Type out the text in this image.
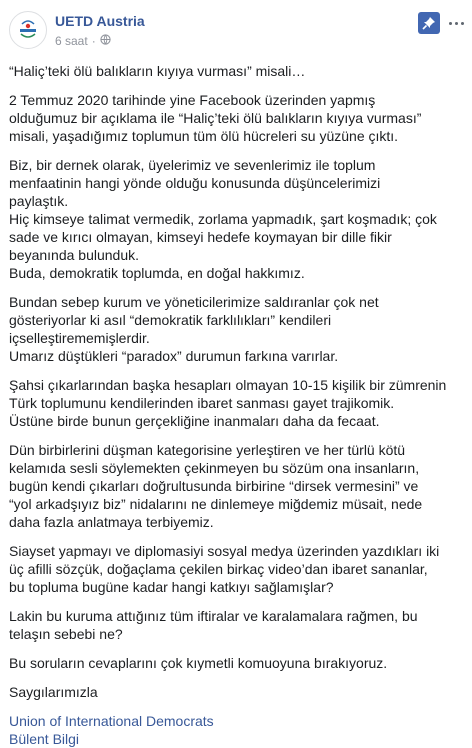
UETD Austria
6 saat ·

“Haliç’teki ölü balıkların kıyıya vurması” misali…

2 Temmuz 2020 tarihinde yine Facebook üzerinden yapmış
olduğumuz bir açıklama ile “Haliç’teki ölü balıkların kıyıya vurması”
misali, yaşadığımız toplumun tüm ölü hücreleri su yüzüne çıktı.

Biz, bir dernek olarak, üyelerimiz ve sevenlerimiz ile toplum
menfaatinin hangi yönde olduğu konusunda düşüncelerimizi
paylaştık.
Hiç kimseye talimat vermedik, zorlama yapmadık, şart koşmadık; çok
sade ve kırıcı olmayan, kimseyi hedefe koymayan bir dille fikir
beyanında bulunduk.
Buda, demokratik toplumda, en doğal hakkımız.

Bundan sebep kurum ve yöneticilerimize saldıranlar çok net
gösteriyorlar ki asıl “demokratik farklılıkları” kendileri
içselleştirememişlerdir.
Umarız düştükleri “paradox” durumun farkına varırlar.

Şahsi çıkarlarından başka hesapları olmayan 10-15 kişilik bir zümrenin
Türk toplumunu kendilerinden ibaret sanması gayet trajikomik.
Üstüne birde bunun gerçekliğine inanmaları daha da fecaat.

Dün birbirlerini düşman kategorisine yerleştiren ve her türlü kötü
kelamıda sesli söylemekten çekinmeyen bu sözüm ona insanların,
bugün kendi çıkarları doğrultusunda birbirine “dirsek vermesini” ve
“yol arkadşıyız biz” nidalarını ne dinlemeye miğdemiz müsait, nede
daha fazla anlatmaya terbiyemiz.

Siayset yapmayı ve diplomasiyi sosyal medya üzerinden yazdıkları iki
üç afilli sözçük, doğaçlama çekilen birkaç video’dan ibaret sananlar,
bu topluma bugüne kadar hangi katkıyı sağlamışlar?

Lakin bu kuruma attığınız tüm iftiralar ve karalamalara rağmen, bu
telaşın sebebi ne?

Bu soruların cevaplarını çok kıymetli komuoyuna bırakıyoruz.

Saygılarımızla

Union of International Democrats
Bülent Bilgi
